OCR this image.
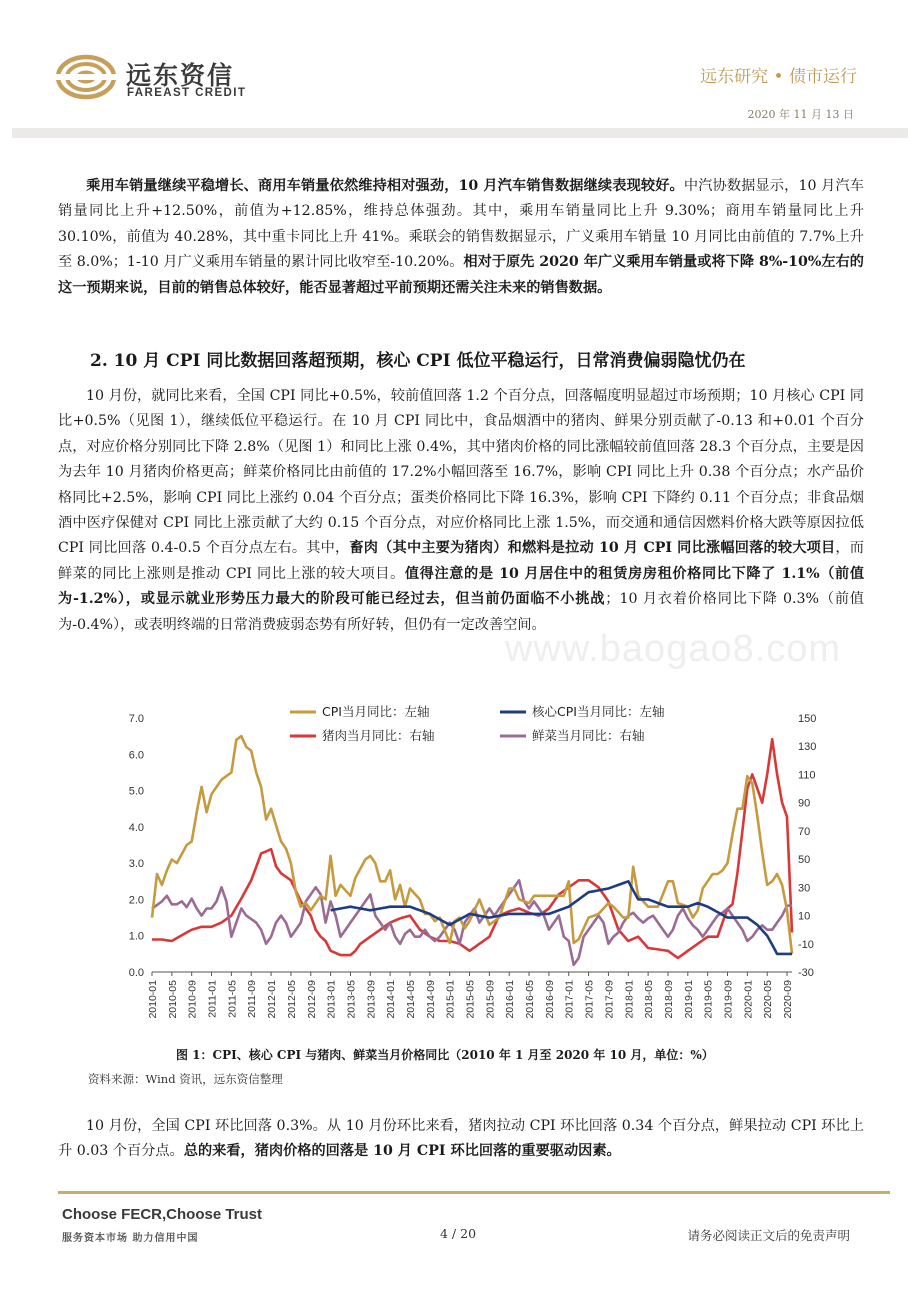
远东资信
FAREAST CREDIT
远东研究 • 债市运行
2020 年 11 月 13 日
乘用车销量继续平稳增长、商用车销量依然维持相对强劲，10 月汽车销售数据继续表现较好。中汽协数据显示，10 月汽车销量同比上升+12.50%，前值为+12.85%，维持总体强劲。其中，乘用车销量同比上升 9.30%；商用车销量同比上升 30.10%，前值为 40.28%，其中重卡同比上升 41%。乘联会的销售数据显示，广义乘用车销量 10 月同比由前值的 7.7%上升至 8.0%；1-10 月广义乘用车销量的累计同比收窄至-10.20%。相对于原先 2020 年广义乘用车销量或将下降 8%-10%左右的这一预期来说，目前的销售总体较好，能否显著超过平前预期还需关注未来的销售数据。
2. 10 月 CPI 同比数据回落超预期，核心 CPI 低位平稳运行，日常消费偏弱隐忧仍在
10 月份，就同比来看，全国 CPI 同比+0.5%，较前值回落 1.2 个百分点，回落幅度明显超过市场预期；10 月核心 CPI 同比+0.5%（见图 1），继续低位平稳运行。在 10 月 CPI 同比中，食品烟酒中的猪肉、鲜果分别贡献了-0.13 和+0.01 个百分点，对应价格分别同比下降 2.8%（见图 1）和同比上涨 0.4%，其中猪肉价格的同比涨幅较前值回落 28.3 个百分点，主要是因为去年 10 月猪肉价格更高；鲜菜价格同比由前值的 17.2%小幅回落至 16.7%，影响 CPI 同比上升 0.38 个百分点；水产品价格同比+2.5%，影响 CPI 同比上涨约 0.04 个百分点；蛋类价格同比下降 16.3%，影响 CPI 下降约 0.11 个百分点；非食品烟酒中医疗保健对 CPI 同比上涨贡献了大约 0.15 个百分点，对应价格同比上涨 1.5%，而交通和通信因燃料价格大跌等原因拉低 CPI 同比回落 0.4-0.5 个百分点左右。其中，畜肉（其中主要为猪肉）和燃料是拉动 10 月 CPI 同比涨幅回落的较大项目，而鲜菜的同比上涨则是推动 CPI 同比上涨的较大项目。值得注意的是 10 月居住中的租赁房房租价格同比下降了 1.1%（前值为-1.2%），或显示就业形势压力最大的阶段可能已经过去，但当前仍面临不小挑战；10 月衣着价格同比下降 0.3%（前值为-0.4%），或表明终端的日常消费疲弱态势有所好转，但仍有一定改善空间。
www.baogao8.com
0.0
1.0
2.0
3.0
4.0
5.0
6.0
7.0
-30
-10
10
30
50
70
90
110
130
150
2010-01 2010-05 2010-09 2011-01 2011-05 2011-09 2012-01 2012-05 2012-09 2013-01 2013-05 2013-09 2014-01 2014-05 2014-09 2015-01 2015-05 2015-09 2016-01 2016-05 2016-09 2017-01 2017-05 2017-09 2018-01 2018-05 2018-09 2019-01 2019-05 2019-09 2020-01 2020-05 2020-09
CPI当月同比：左轴	核心CPI当月同比：左轴
猪肉当月同比：右轴	鲜菜当月同比：右轴
图 1：CPI、核心 CPI 与猪肉、鲜菜当月价格同比（2010 年 1 月至 2020 年 10 月，单位：%）
资料来源：Wind 资讯，远东资信整理
10 月份，全国 CPI 环比回落 0.3%。从 10 月份环比来看，猪肉拉动 CPI 环比回落 0.34 个百分点，鲜果拉动 CPI 环比上升 0.03 个百分点。总的来看，猪肉价格的回落是 10 月 CPI 环比回落的重要驱动因素。
Choose FECR,Choose Trust
服务资本市场 助力信用中国	4 / 20	请务必阅读正文后的免责声明
